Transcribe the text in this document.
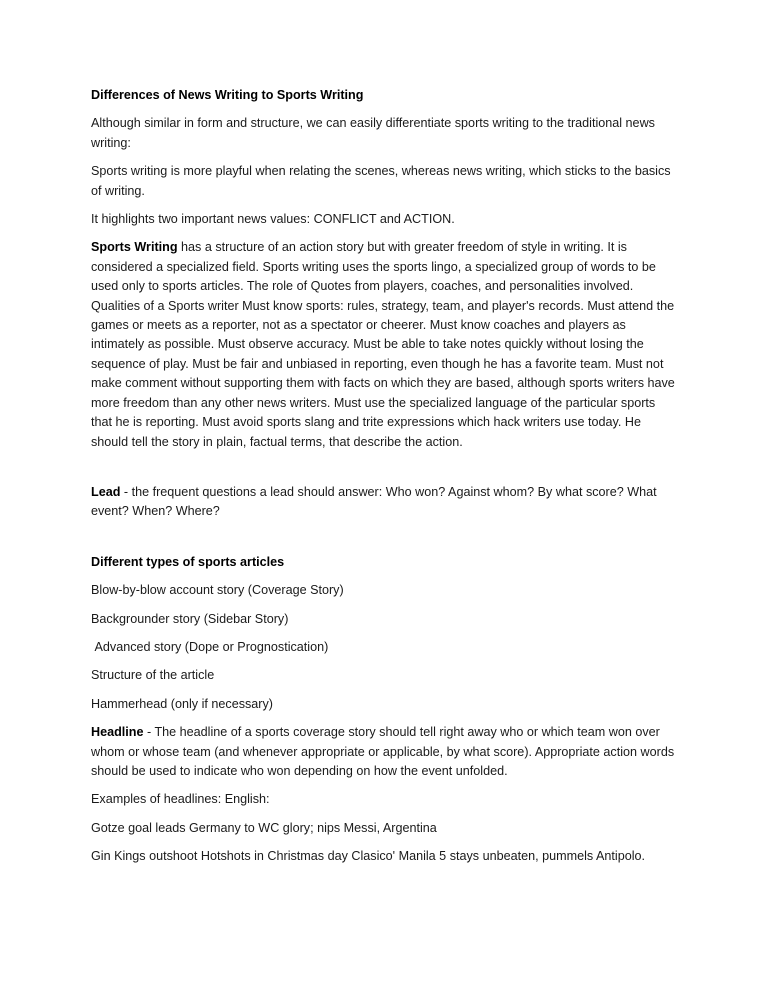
Differences of News Writing to Sports Writing

Although similar in form and structure, we can easily differentiate sports writing to the traditional news writing:

Sports writing is more playful when relating the scenes, whereas news writing, which sticks to the basics of writing.

It highlights two important news values: CONFLICT and ACTION.

Sports Writing has a structure of an action story but with greater freedom of style in writing. It is considered a specialized field. Sports writing uses the sports lingo, a specialized group of words to be used only to sports articles. The role of Quotes from players, coaches, and personalities involved. Qualities of a Sports writer Must know sports: rules, strategy, team, and player's records. Must attend the games or meets as a reporter, not as a spectator or cheerer. Must know coaches and players as intimately as possible. Must observe accuracy. Must be able to take notes quickly without losing the sequence of play. Must be fair and unbiased in reporting, even though he has a favorite team. Must not make comment without supporting them with facts on which they are based, although sports writers have more freedom than any other news writers. Must use the specialized language of the particular sports that he is reporting. Must avoid sports slang and trite expressions which hack writers use today. He should tell the story in plain, factual terms, that describe the action.

Lead - the frequent questions a lead should answer: Who won? Against whom? By what score? What event? When? Where?

Different types of sports articles

Blow-by-blow account story (Coverage Story)

Backgrounder story (Sidebar Story)

Advanced story (Dope or Prognostication)

Structure of the article

Hammerhead (only if necessary)

Headline - The headline of a sports coverage story should tell right away who or which team won over whom or whose team (and whenever appropriate or applicable, by what score). Appropriate action words should be used to indicate who won depending on how the event unfolded.

Examples of headlines: English:

Gotze goal leads Germany to WC glory; nips Messi, Argentina

Gin Kings outshoot Hotshots in Christmas day Clasico' Manila 5 stays unbeaten, pummels Antipolo.
